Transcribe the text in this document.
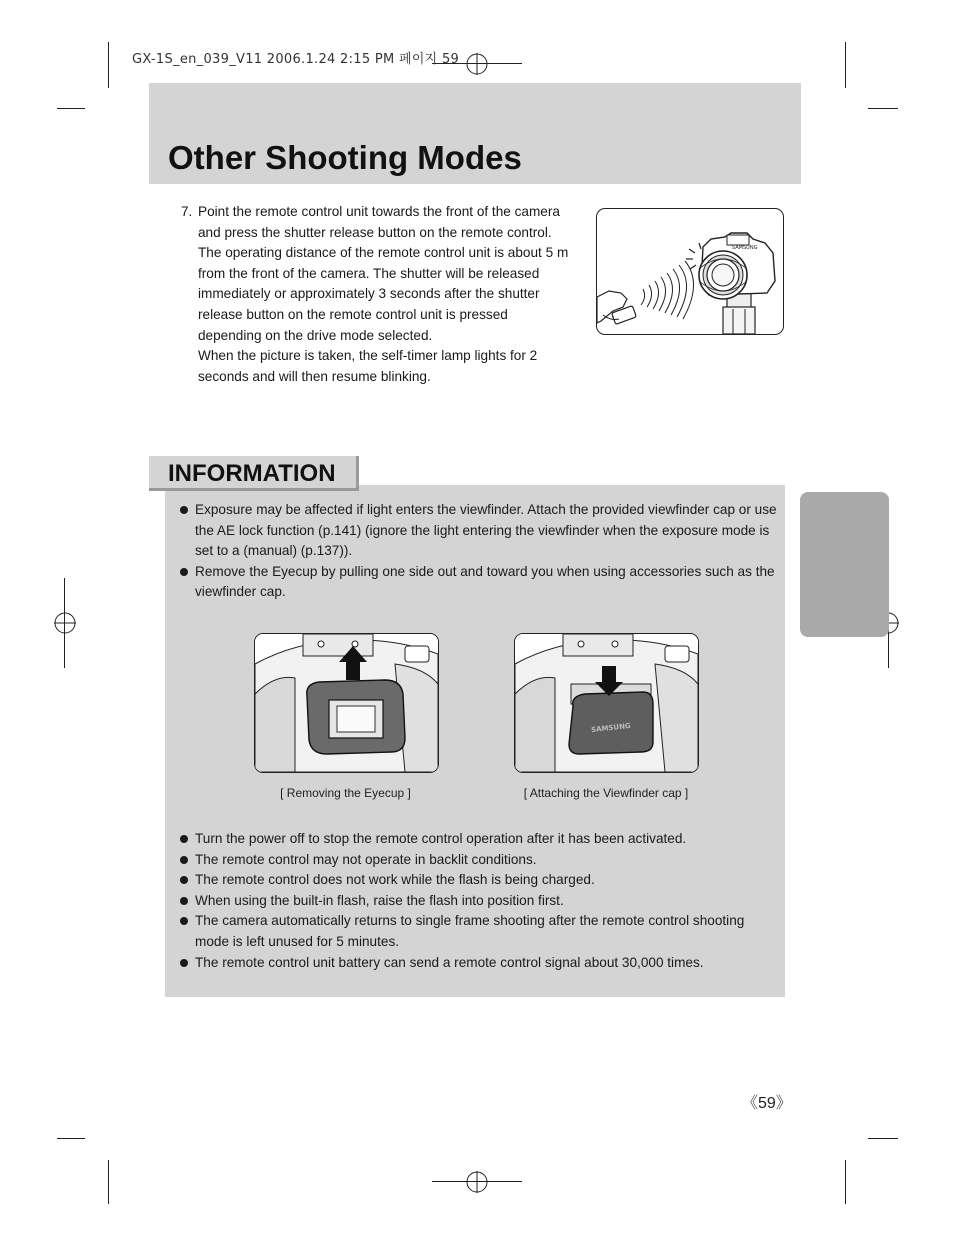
GX-1S_en_039_V11 2006.1.24 2:15 PM 페이지 59
Other Shooting Modes
7. Point the remote control unit towards the front of the camera and press the shutter release button on the remote control. The operating distance of the remote control unit is about 5 m from the front of the camera. The shutter will be released immediately or approximately 3 seconds after the shutter release button on the remote control unit is pressed depending on the drive mode selected.

When the picture is taken, the self-timer lamp lights for 2 seconds and will then resume blinking.

SAMSUNG
INFORMATION
Exposure may be affected if light enters the viewfinder. Attach the provided viewfinder cap or use the AE lock function (p.141) (ignore the light entering the viewfinder when the exposure mode is set to a (manual) (p.137)).
Remove the Eyecup by pulling one side out and toward you when using accessories such as the viewfinder cap.
[ Removing the Eyecup ]
SAMSUNG
[ Attaching the Viewfinder cap ]
Turn the power off to stop the remote control operation after it has been activated.
The remote control may not operate in backlit conditions.
The remote control does not work while the flash is being charged.
When using the built-in flash, raise the flash into position first.
The camera automatically returns to single frame shooting after the remote control shooting mode is left unused for 5 minutes.
The remote control unit battery can send a remote control signal about 30,000 times.
《59》
